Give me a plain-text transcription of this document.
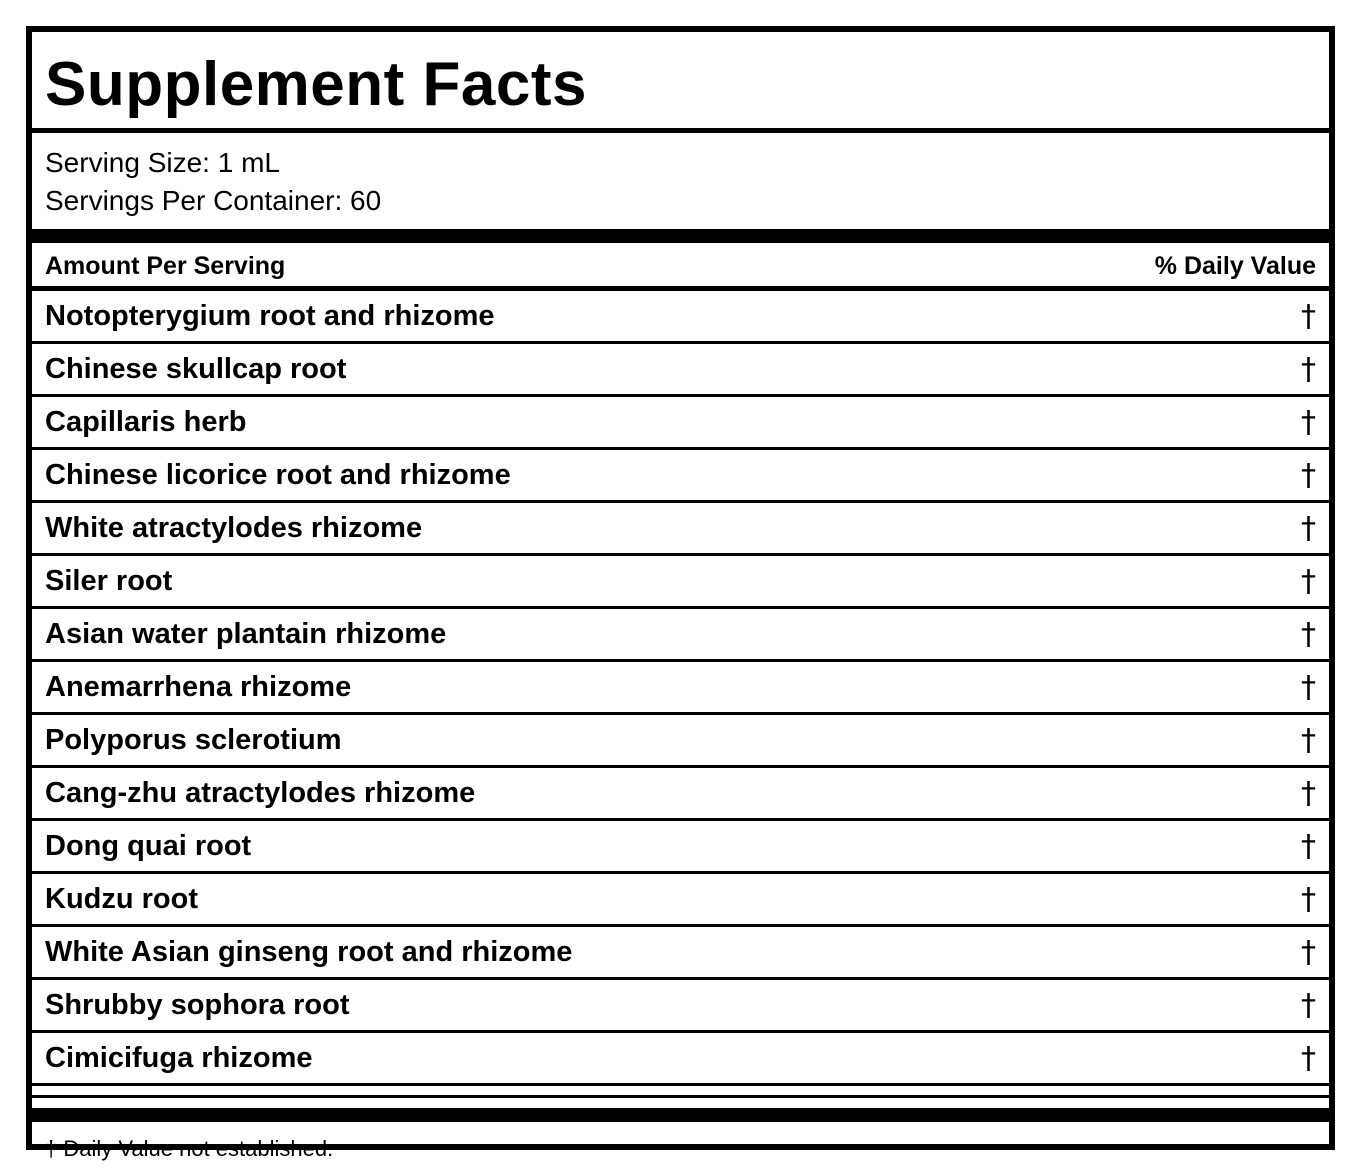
Supplement Facts
Serving Size: 1 mL
Servings Per Container: 60
Amount Per Serving	% Daily Value
Notopterygium root and rhizome	†
Chinese skullcap root	†
Capillaris herb	†
Chinese licorice root and rhizome	†
White atractylodes rhizome	†
Siler root	†
Asian water plantain rhizome	†
Anemarrhena rhizome	†
Polyporus sclerotium	†
Cang-zhu atractylodes rhizome	†
Dong quai root	†
Kudzu root	†
White Asian ginseng root and rhizome	†
Shrubby sophora root	†
Cimicifuga rhizome	†
† Daily Value not established.
